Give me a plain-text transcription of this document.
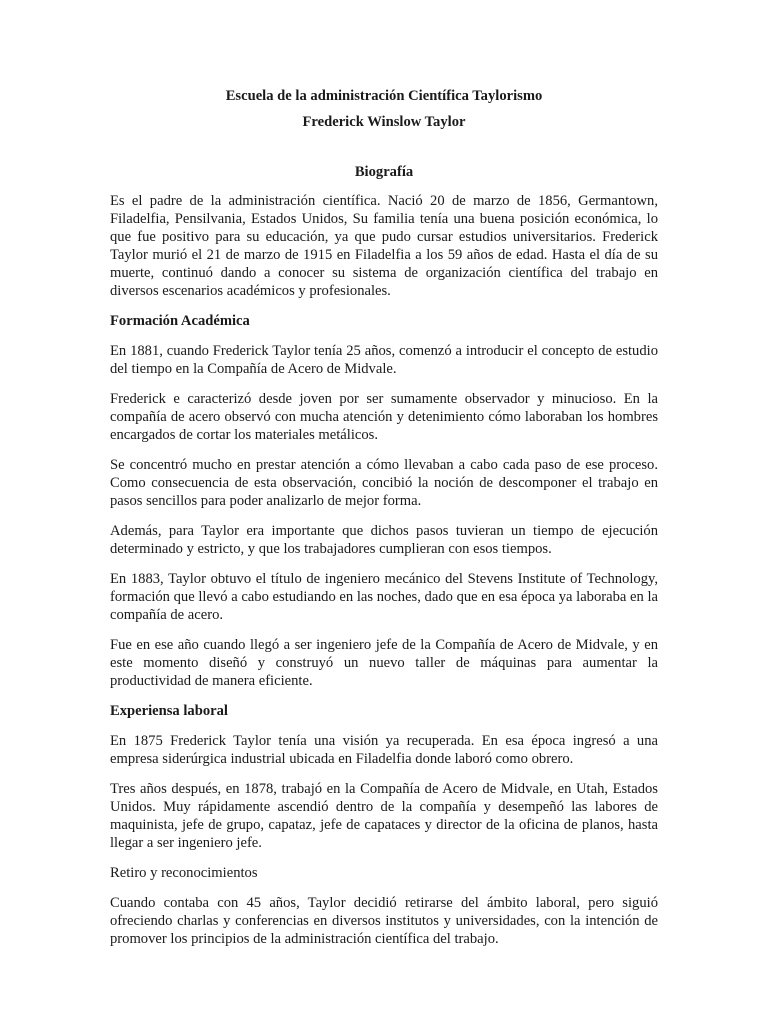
Escuela de la administración Científica Taylorismo

Frederick Winslow Taylor

Biografía

Es el padre de la administración científica. Nació 20 de marzo de 1856, Germantown, Filadelfia, Pensilvania, Estados Unidos, Su familia tenía una buena posición económica, lo que fue positivo para su educación, ya que pudo cursar estudios universitarios. Frederick Taylor murió el 21 de marzo de 1915 en Filadelfia a los 59 años de edad. Hasta el día de su muerte, continuó dando a conocer su sistema de organización científica del trabajo en diversos escenarios académicos y profesionales.

Formación Académica

En 1881, cuando Frederick Taylor tenía 25 años, comenzó a introducir el concepto de estudio del tiempo en la Compañía de Acero de Midvale.

Frederick e caracterizó desde joven por ser sumamente observador y minucioso. En la compañía de acero observó con mucha atención y detenimiento cómo laboraban los hombres encargados de cortar los materiales metálicos.

Se concentró mucho en prestar atención a cómo llevaban a cabo cada paso de ese proceso. Como consecuencia de esta observación, concibió la noción de descomponer el trabajo en pasos sencillos para poder analizarlo de mejor forma.

Además, para Taylor era importante que dichos pasos tuvieran un tiempo de ejecución determinado y estricto, y que los trabajadores cumplieran con esos tiempos.

En 1883, Taylor obtuvo el título de ingeniero mecánico del Stevens Institute of Technology, formación que llevó a cabo estudiando en las noches, dado que en esa época ya laboraba en la compañía de acero.

Fue en ese año cuando llegó a ser ingeniero jefe de la Compañía de Acero de Midvale, y en este momento diseñó y construyó un nuevo taller de máquinas para aumentar la productividad de manera eficiente.

Experiensa laboral

En 1875 Frederick Taylor tenía una visión ya recuperada. En esa época ingresó a una empresa siderúrgica industrial ubicada en Filadelfia donde laboró como obrero.

Tres años después, en 1878, trabajó en la Compañía de Acero de Midvale, en Utah, Estados Unidos. Muy rápidamente ascendió dentro de la compañía y desempeñó las labores de maquinista, jefe de grupo, capataz, jefe de capataces y director de la oficina de planos, hasta llegar a ser ingeniero jefe.

Retiro y reconocimientos

Cuando contaba con 45 años, Taylor decidió retirarse del ámbito laboral, pero siguió ofreciendo charlas y conferencias en diversos institutos y universidades, con la intención de promover los principios de la administración científica del trabajo.
